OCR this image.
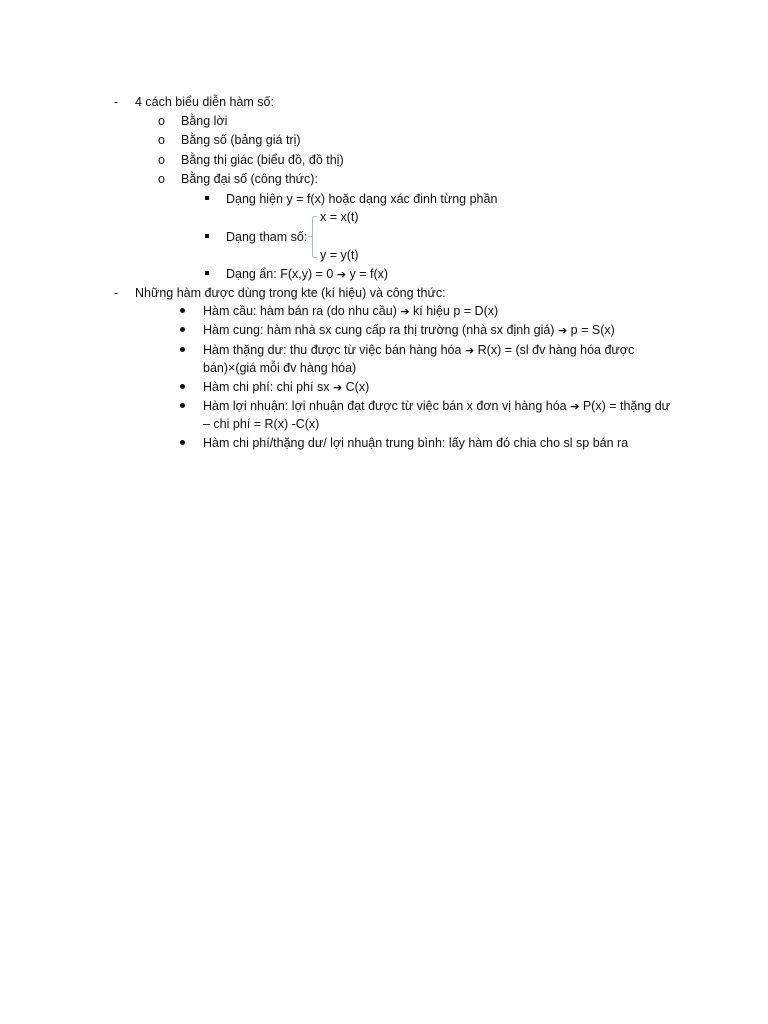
- 4 cách biểu diễn hàm số:
o Bằng lời
o Bằng số (bảng giá trị)
o Bằng thị giác (biểu đồ, đồ thị)
o Bằng đại số (công thức):
Dạng hiện y = f(x) hoặc dạng xác đinh từng phần
x = x(t)
Dạng tham số:
y = y(t)
Dạng ẩn: F(x,y) = 0 ➔ y = f(x)
- Những hàm được dùng trong kte (kí hiệu) và công thức:
Hàm cầu: hàm bán ra (do nhu cầu) ➔ kí hiệu p = D(x)
Hàm cung: hàm nhà sx cung cấp ra thị trường (nhà sx định giá) ➔ p = S(x)
Hàm thặng dư: thu được từ việc bán hàng hóa ➔ R(x) = (sl đv hàng hóa được
bán)×(giá mỗi đv hàng hóa)
Hàm chi phí: chi phí sx ➔ C(x)
Hàm lợi nhuận: lợi nhuận đạt được từ việc bán x đơn vị hàng hóa ➔ P(x) = thặng dư
– chi phí = R(x) -C(x)
Hàm chi phí/thặng dư/ lợi nhuận trung bình: lấy hàm đó chia cho sl sp bán ra
